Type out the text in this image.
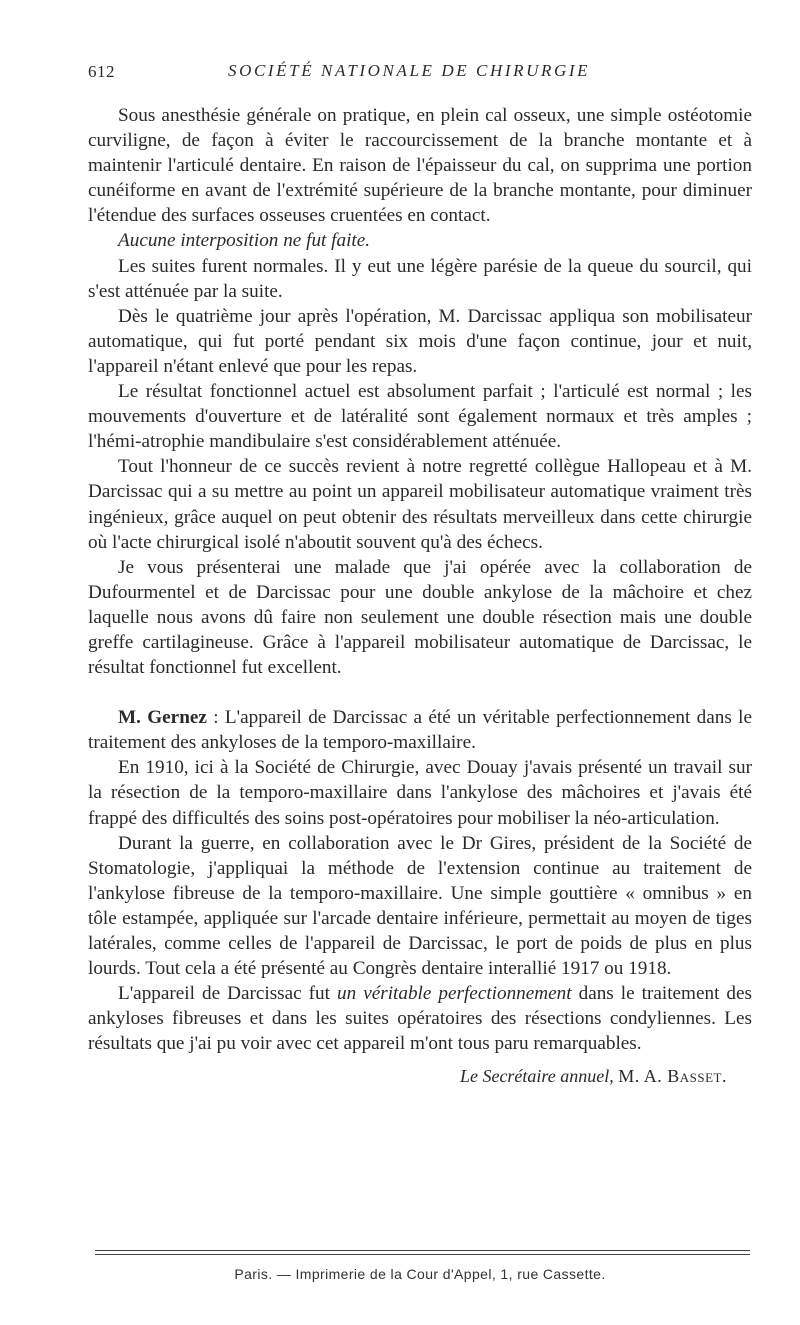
612	SOCIÉTÉ NATIONALE DE CHIRURGIE

Sous anesthésie générale on pratique, en plein cal osseux, une simple ostéotomie curviligne, de façon à éviter le raccourcissement de la branche montante et à maintenir l'articulé dentaire. En raison de l'épaisseur du cal, on supprima une portion cunéiforme en avant de l'extrémité supérieure de la branche montante, pour diminuer l'étendue des surfaces osseuses cruentées en contact.

Aucune interposition ne fut faite.

Les suites furent normales. Il y eut une légère parésie de la queue du sourcil, qui s'est atténuée par la suite.

Dès le quatrième jour après l'opération, M. Darcissac appliqua son mobilisateur automatique, qui fut porté pendant six mois d'une façon continue, jour et nuit, l'appareil n'étant enlevé que pour les repas.

Le résultat fonctionnel actuel est absolument parfait ; l'articulé est normal ; les mouvements d'ouverture et de latéralité sont également normaux et très amples ; l'hémi-atrophie mandibulaire s'est considérablement atténuée.

Tout l'honneur de ce succès revient à notre regretté collègue Hallopeau et à M. Darcissac qui a su mettre au point un appareil mobilisateur automatique vraiment très ingénieux, grâce auquel on peut obtenir des résultats merveilleux dans cette chirurgie où l'acte chirurgical isolé n'aboutit souvent qu'à des échecs.

Je vous présenterai une malade que j'ai opérée avec la collaboration de Dufourmentel et de Darcissac pour une double ankylose de la mâchoire et chez laquelle nous avons dû faire non seulement une double résection mais une double greffe cartilagineuse. Grâce à l'appareil mobilisateur automatique de Darcissac, le résultat fonctionnel fut excellent.

M. Gernez : L'appareil de Darcissac a été un véritable perfectionnement dans le traitement des ankyloses de la temporo-maxillaire.

En 1910, ici à la Société de Chirurgie, avec Douay j'avais présenté un travail sur la résection de la temporo-maxillaire dans l'ankylose des mâchoires et j'avais été frappé des difficultés des soins post-opératoires pour mobiliser la néo-articulation.

Durant la guerre, en collaboration avec le Dr Gires, président de la Société de Stomatologie, j'appliquai la méthode de l'extension continue au traitement de l'ankylose fibreuse de la temporo-maxillaire. Une simple gouttière « omnibus » en tôle estampée, appliquée sur l'arcade dentaire inférieure, permettait au moyen de tiges latérales, comme celles de l'appareil de Darcissac, le port de poids de plus en plus lourds. Tout cela a été présenté au Congrès dentaire interallié 1917 ou 1918.

L'appareil de Darcissac fut un véritable perfectionnement dans le traitement des ankyloses fibreuses et dans les suites opératoires des résections condyliennes. Les résultats que j'ai pu voir avec cet appareil m'ont tous paru remarquables.

Le Secrétaire annuel, M. A. Basset.
Paris. — Imprimerie de la Cour d'Appel, 1, rue Cassette.
